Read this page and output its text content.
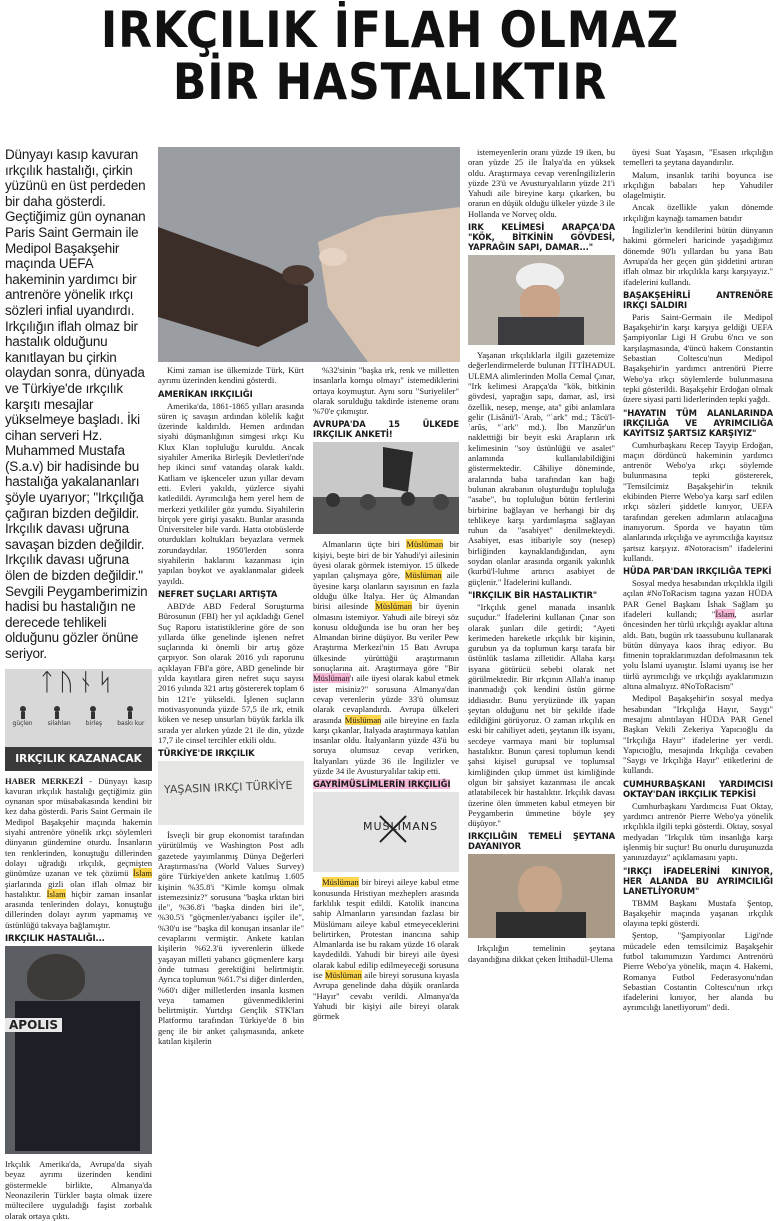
IRKÇILIK İFLAH OLMAZ
BİR HASTALIKTIR
Dünyayı kasıp kavuran ırkçılık hastalığı, çirkin yüzünü en üst perdeden bir daha gösterdi. Geçtiğimiz gün oynanan Paris Saint Germain ile Medipol Başakşehir maçında UEFA hakeminin yardımcı bir antrenöre yönelik ırkçı sözleri infial uyandırdı. Irkçılığın iflah olmaz bir hastalık olduğunu kanıtlayan bu çirkin olaydan sonra, dünyada ve Türkiye'de ırkçılık karşıtı mesajlar yükselmeye başladı. İki cihan serveri Hz. Muhammed Mustafa (S.a.v) bir hadisinde bu hastalığa yakalananları şöyle uyarıyor; "Irkçılığa çağıran bizden değildir. Irkçılık davası uğruna savaşan bizden değildir. Irkçılık davası uğruna ölen de bizden değildir." Sevgili Peygamberimizin hadisi bu hastalığın ne derecede tehlikeli olduğunu gözler önüne seriyor.
ᛏᚢᚾᛋ
güçlen	silahlan	birleş	baskı kur
IRKÇILIK KAZANACAK
HABER MERKEZİ - Dünyayı kasıp kavuran ırkçılık hastalığı geçtiğimiz gün oynanan spor müsabakasında kendini bir kez daha gösterdi. Paris Saint Germain ile Medipol Başakşehir maçında hakemin siyahi antrenöre yönelik ırkçı söylemleri dünyanın gündemine oturdu. İnsanların ten renklerinden, konuştuğu dillerinden dolayı uğradığı ırkçılık, geçmişten günümüze uzanan ve tek çözümü İslam şiarlarında gizli olan iflah olmaz bir hastalıktır. İslam hiçbir zaman insanlar arasında tenlerinden dolayı, konuştuğu dillerinden dolayı ayrım yapmamış ve üstünlüğü takvaya bağlamıştır.
IRKÇILIK HASTALIĞI...
APOLIS
Irkçılık Amerika'da, Avrupa'da siyah beyaz ayrımı üzerinden kendini göstermekle birlikte, Almanya'da Neonazilerin Türkler başta olmak üzere mültecilere uyguladığı faşist zorbalık olarak ortaya çıktı.

Kimi zaman ise ülkemizde Türk, Kürt ayrımı üzerinden kendini gösterdi.

AMERİKAN IRKÇILIĞI

Amerika'da, 1861-1865 yılları arasında süren iç savaşın ardından kölelik kağıt üzerinde kaldırıldı. Hemen ardından siyahi düşmanlığının simgesi ırkçı Ku Klux Klan topluluğu kuruldu. Ancak siyahiler Amerika Birleşik Devletleri'nde hep ikinci sınıf vatandaş olarak kaldı. Katliam ve işkenceler uzun yıllar devam etti. Evleri yakıldı, yüzlerce siyahi katledildi. Ayrımcılığa hem yerel hem de merkezi yetkililer göz yumdu. Siyahilerin birçok yere girişi yasaktı. Bunlar arasında Üniversiteler bile vardı. Hatta otobüslerde oturdukları koltukları beyazlara vermek zorundaydılar. 1950'lerden sonra siyahilerin haklarını kazanması için yapılan boykot ve ayaklanmalar gideek yayıldı.

NEFRET SUÇLARI ARTIŞTA

ABD'de ABD Federal Soruşturma Bürosunun (FBI) her yıl açıkladığı Genel Suç Raporu istatistiklerine göre de son yıllarda ülke genelinde işlenen nefret suçlarında ki önemli bir artış göze çarpıyor. Son olarak 2016 yılı raporunu açıklayan FBI'a göre, ABD genelinde bir yılda kayıtlara giren nefret suçu sayısı 2016 yılında 321 artış göstererek toplam 6 bin 121'e yükseldi. İşlenen suçların motivasyonunda yüzde 57,5 ile ırk, etnik köken ve nesep unsurları büyük farkla ilk sırada yer alırken yüzde 21 ile din, yüzde 17,7 ile cinsel tercihler etkili oldu.

TÜRKİYE'DE IRKÇILIK
YAŞASIN IRKÇI TÜRKİYE

İsveçli bir grup ekonomist tarafından yürütülmüş ve Washington Post adlı gazetede yayımlanmış Dünya Değerleri Araştırması'na (World Values Survey) göre Türkiye'den ankete katılmış 1.605 kişinin %35.8'i "Kimle komşu olmak istemezsiniz?" sorusuna "başka ırktan biri ile", %36.8'i "başka dinden biri ile", %30.5'i "göçmenler/yabancı işçiler ile", %30'u ise "başka dil konuşan insanlar ile" cevaplarını vermiştir. Ankete katılan kişilerin %62.3'ü iyverenlerin ülkede yaşayan milleti yabancı göçmenlere karşı önde tutması gerektiğini belirtmiştir. Ayrıca toplumun %61.7'si diğer dinlerden, %60'ı diğer milletlerden insanla kısmen veya tamamen güvenmediklerini belirtmiştir. Yurtdışı Gençlik STK'ları Platformu tarafından Türkiye'de 8 bin genç ile bir anket çalışmasında, ankete katılan kişilerin

%32'sinin "başka ırk, renk ve milletten insanlarla komşu olmayı" istemediklerini ortaya koymuştur. Aynı soru "Suriyeliler" olarak sorulduğu takdirde isteneme oranı %70'e çıkmıştır.

AVRUPA'DA 15 ÜLKEDE IRKÇILIK ANKETİ!

Almanların üçte biri Müslüman bir kişiyi, beşte biri de bir Yahudi'yi ailesinin üyesi olarak görmek istemiyor. 15 ülkede yapılan çalışmaya göre, Müslüman aile üyesine karşı olanların sayısının en fazla olduğu ülke İtalya. Her üç Almandan birisi ailesinde Müslüman bir üyenin olmasını istemiyor. Yahudi aile bireyi söz konusu olduğunda ise bu oran her beş Almandan birine düşüyor. Bu veriler Pew Araştırma Merkezi'nin 15 Batı Avrupa ülkesinde yürüttüğü araştırmanın sonuçlarına ait. Araştırmaya göre "Bir Müslüman'ı aile üyesi olarak kabul etmek ister misiniz?" sorusuna Almanya'dan cevap verenlerin yüzde 33'ü olumsuz olarak cevaplandırdı. Avrupa ülkeleri arasında Müslüman aile bireyine en fazla karşı çıkanlar, İtalyada araştırmaya katılan insanlar oldu. İtalyanların yüzde 43'ü bu soruya olumsuz cevap verirken, İtalyanları yüzde 36 ile İngilizler ve yüzde 34 ile Avusturyalılar takip etti.

GAYRİMÜSLİMLERİN IRKÇILIĞI
MUSLIMANS

Müslüman bir bireyi aileye kabul etme konusunda Hristiyan mezheplerı arasında farklılık tespit edildi. Katolik inancına sahip Almanların yarısından fazlası bir Müslümanı aileye kabul etmeyeceklerini belirtirken, Protestan inancına sahip Almanlarda ise bu rakam yüzde 16 olarak kaydedildi. Yahudi bir bireyi aile üyesi olarak kabul edilip edilmeyeceği sorusuna ise Müslüman aile bireyi sorusuna kıyasla Avrupa genelinde daha düşük oranlarda "Hayır" cevabı verildi. Almanya'da Yahudi bir kişiyi aile bireyi olarak görmek

istemeyenlerin oranı yüzde 19 iken, bu oran yüzde 25 ile İtalya'da en yüksek oldu. Araştırmaya cevap verenİngilizlerin yüzde 23'ü ve Avusturyalıların yüzde 21'i Yahudi aile bireyine karşı çıkarken, bu oranın en düşük olduğu ülkeler yüzde 3 ile Hollanda ve Norveç oldu.

IRK KELİMESİ ARAPÇA'DA "KÖK, BİTKİNİN GÖVDESİ, YAPRAĞIN SAPI, DAMAR..."

Yaşanan ırkçılıklarla ilgili gazetemize değerlendirmelerde bulunan İTTİHADUL ULEMA alimlerinden Molla Cemal Çınar, "Irk kelimesi Arapça'da "kök, bitkinin gövdesi, yaprağın sapı, damar, asl, irsi özellik, nesep, menşe, ata" gibi anlamlara gelir (Lisânü'l-ʿArab, "ʿark" md.; Tâcü'l-ʿarûs, "ʿark" md.). İbn Manzûr'un nakletttiği bir beyit eski Arapların ırk kelimesinin "soy üstünlüğü ve asalet" anlamında kullanılabildiğini göstermektedir. Câhiliye döneminde, aralarında baba tarafından kan bağı bulunan akrabanın oluşturduğu topluluğa "asabe", bu topluluğun bütün fertlerini birbirine bağlayan ve herhangi bir dış tehlikeye karşı yardımlaşma sağlayan ruhun da "asabiyet" denilmekteydi. Asabiyet, esas itibariyle soy (nesep) birliğinden kaynaklandığından, aynı soydan olanlar arasında organik yakınlık (kurbü'l-luhme artırıcı asabiyet de güçlenir." İfadelerini kullandı.

"IRKÇILIK BİR HASTALIKTIR"

"Irkçılık genel manada insanlık suçudur." İfadelerini kullanan Çınar son olarak şunları dile getirdi; "Ayeti kerimeden hareketle ırkçılık bir kişinin, gurubun ya da toplumun karşı tarafa bir üstünlük taslama zilletidir. Allaha karşı isyana götürücü sebebi olarak net görülmektedir. Bir ırkçının Allah'a inanıp inanmadığı çok kendini üstün görme iddiasıdır. Bunu yeryüzünde ilk yapan şeytan olduğunu net bir şekilde ifade edildiğini görüyoruz. O zaman ırkçılık en eski bir cahiliyet adeti, şeytanın ilk isyanı, secdeye varmaya mani bir toplumsal hastalıktır. Bunun çaresi toplumun kendi şahsi kişisel gurupsal ve toplumsal kimliğinden çıkıp ümmet üst kimliğinde olgun bir şahsiyet kazanması ile ancak atlatabilecek bir hastalıktır. Irkçılık davası üzerine ölen ümmeten kabul etmeyen bir Peygamberin ümmetine böyle şey düşüyor."

IRKÇILIĞIN TEMELİ ŞEYTANA DAYANIYOR

Irkçılığın temelinin şeytana dayandığına dikkat çeken İttihadül-Ulema

üyesi Suat Yaşasın, "Esasen ırkçılığın temelleri ta şeytana dayandırılır.

Malum, insanlık tarihi boyunca ise ırkçılığın babaları hep Yahudiler olagelmiştir.

Ancak özellikle yakın dönemde ırkçılığın kaynağı tamamen batıdır

İngilizler'in kendilerini bütün dünyanın hakimi görmeleri haricinde yaşadığımız dönemde 90'lı yıllardan bu yana Batı Avrupa'da her geçen gün şiddetini artıran iflah olmaz bir ırkçılıkla karşı karşıyayız." ifadelerini kullandı.

BAŞAKŞEHİRLİ ANTRENÖRE IRKÇI SALDIRI

Paris Saint-Germain ile Medipol Başakşehir'in karşı karşıya geldiği UEFA Şampiyonlar Ligi H Grubu 6'ncı ve son karşılaşmasında, 4'üncü hakem Constantin Sebastian Coltescu'nun Medipol Başakşehir'in yardımcı antrenörü Pierre Webo'ya ırkçı söylemlerde bulunmasına tepki gösterildi. Başakşehir Erdoğan olmak üzere siyasi parti liderlerinden tepki yağdı.

"HAYATIN TÜM ALANLARINDA IRKÇILIĞA VE AYRIMCILIĞA KAYITSIZ ŞARTSIZ KARŞIYIZ"

Cumhurbaşkanı Recep Tayyip Erdoğan, maçın dördüncü hakeminin yardımcı antrenör Webo'ya ırkçı söylemde bulunmasına tepki göstererek, "Temsilcimiz Başakşehir'in teknik ekibinden Pierre Webo'ya karşı sarf edilen ırkçı sözleri şiddetle kınıyor, UEFA tarafından gereken adımların atılacağına inanıyorum. Sporda ve hayatın tüm alanlarında ırkçılığa ve ayrımcılığa kayıtsız şartsız karşıyız. #Notoracism" ifadelerini kullandı.

HÜDA PAR'DAN IRKÇILIĞA TEPKİ

Sosyal medya hesabından ırkçılıkla ilgili açılan #NoToRacism tagına yazan HÜDA PAR Genel Başkanı İshak Sağlam şu ifadeleri kullandı; "İslam, asırlar öncesinden her türlü ırkçılığı ayaklar altına aldı. Batı, bugün ırk taassubunu kullanarak bütün dünyaya kaos ihraç ediyor. Bu fitnenin topraklarımızdan defolmasının tek yolu İslami uyanıştır. İslami uyanış ise her türlü ayrımcılığı ve ırkçılığı ayaklarımızın altına almalıyız. #NoToRacism"

Medipol Başakşehir'in sosyal medya hesabından "Irkçılığa Hayır, Saygı" mesajını alıntılayan HÜDA PAR Genel Başkan Vekili Zekeriya Yapıcıoğlu da "Irkçılığa Hayır" ifadelerine yer verdi. Yapıcıoğlu, mesajında Irkçılığa cevaben "Saygı ve Irkçılığa Hayır" etiketlerini de kullandı.

CUMHURBAŞKANI YARDIMCISI OKTAY'DAN IRKÇILIK TEPKİSİ

Cumhurbaşkanı Yardımcısı Fuat Oktay, yardımcı antrenör Pierre Webo'ya yönelik ırkçılıkla ilgili tepki gösterdi. Oktay, sosyal medyadan "Irkçılık tüm insanlığa karşı işlenmiş bir suçtur! Bu onurlu duruşunuzda yanınızdayız" açıklamasını yaptı.

"IRKÇI İFADELERİNİ KINIYOR, HER ALANDA BU AYRIMCILIĞI LANETLİYORUM"

TBMM Başkanı Mustafa Şentop, Başakşehir maçında yaşanan ırkçılık olayına tepki gösterdi.

Şentop, "Şampiyonlar Ligi'nde mücadele eden temsilcimiz Başakşehir futbol takımımızın Yardımcı Antrenörü Pierre Webo'ya yönelik, maçın 4. Hakemi, Romanya Futbol Federasyonu'ndan Sebastian Costantin Coltescu'nun ırkçı ifadelerini kınıyor, her alanda bu ayrımcılığı lanetliyorum" dedi.
